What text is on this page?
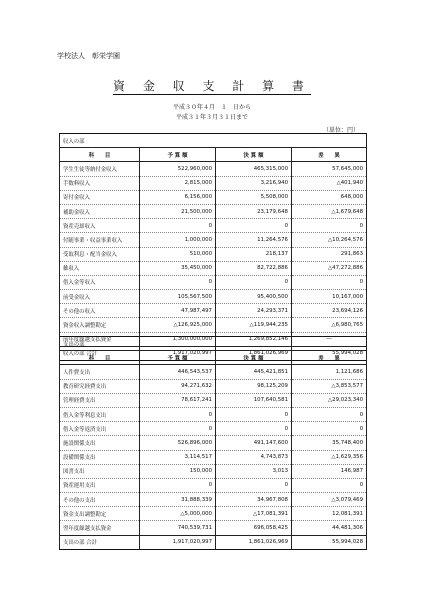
学校法人　彰栄学園
資 金 収 支 計 算 書
平成３０年４月　１　日から
平成３１年３月３１日まで
（単位：円）
収入の部			
科　　目	予 算 額	決 算 額	差　　異
学生生徒等納付金収入	522,960,000	465,315,000	57,645,000
手数料収入	2,815,000	3,216,940	△401,940
寄付金収入	6,156,000	5,508,000	648,000
補助金収入	21,500,000	23,179,648	△1,679,648
資産売却収入	0	0	0
付随事業・収益事業収入	1,000,000	11,264,576	△10,264,576
受取利息・配当金収入	510,000	218,137	291,863
雑収入	35,450,000	82,722,886	△47,272,886
借入金等収入	0	0	0
前受金収入	105,567,500	95,400,500	10,167,000
その他の収入	47,987,497	24,293,371	23,694,126
資金収入調整勘定	△126,925,000	△119,944,235	△6,980,765
前年度繰越支払資金	1,300,000,000	1,269,852,146	―
収入の部 合計	1,917,020,997	1,861,026,969	55,994,028
支出の部			
科　　目	予 算 額	決 算 額	差　　異
人件費支出	446,543,537	445,421,851	1,121,686
教育研究経費支出	94,271,632	98,125,209	△3,853,577
管理経費支出	78,617,241	107,640,581	△29,023,340
借入金等利息支出	0	0	0
借入金等返済支出	0	0	0
施設関係支出	526,896,000	491,147,600	35,748,400
設備関係支出	3,114,517	4,743,873	△1,629,356
図書支出	150,000	3,013	146,987
資産運用支出	0	0	0
その他の支出	31,888,339	34,967,808	△3,079,469
資金支出調整勘定	△5,000,000	△17,081,391	12,081,391
翌年度繰越支払資金	740,539,731	696,058,425	44,481,306
支出の部 合計	1,917,020,997	1,861,026,969	55,994,028
